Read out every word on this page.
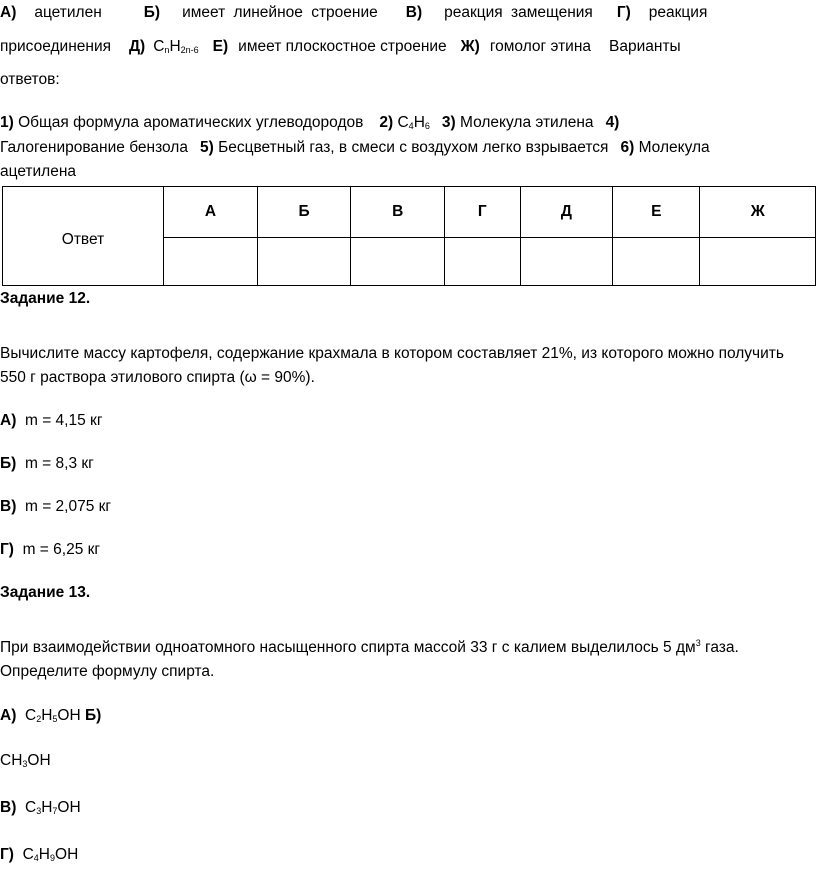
А) ацетилен	Б) имеет линейное строение В) реакция замещения Г) реакция
присоединения Д) $C_nH_{2n-6}$ Е) имеет плоскостное строение Ж) гомолог этина Варианты
ответов:
1) Общая формула ароматических углеводородов 2) $C_4H_6$ 3) Молекула этилена 4)
Галогенирование бензола 5) Бесцветный газ, в смеси с воздухом легко взрывается 6) Молекула
ацетилена
Ответ	А	Б	В	Г	Д	Е	Ж

Задание 12.
Вычислите массу картофеля, содержание крахмала в котором составляет 21%, из которого можно получить
550 г раствора этилового спирта (ω = 90%).
А) m = 4,15 кг
Б) m = 8,3 кг
В) m = 2,075 кг
Г) m = 6,25 кг
Задание 13.
При взаимодействии одноатомного насыщенного спирта массой 33 г с калием выделилось 5 $дм^3$ газа.
Определите формулу спирта.
А) $C_2H_5OH$ Б)
$CH_3OH$
В) $C_3H_7OH$
Г) $C_4H_9OH$
